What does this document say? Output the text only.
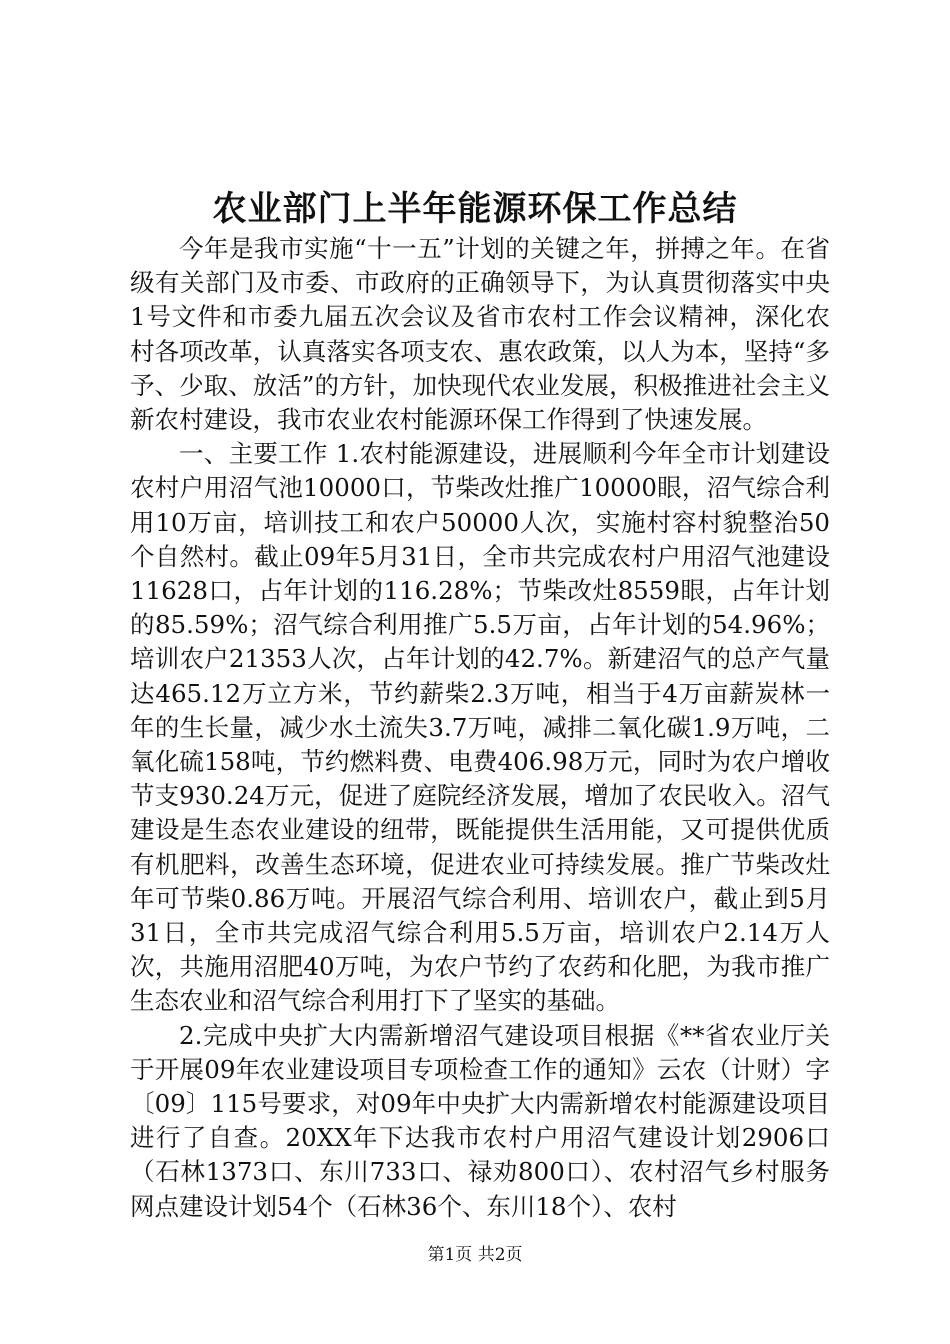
农业部门上半年能源环保工作总结

今年是我市实施“十一五”计划的关键之年，拼搏之年。在省级有关部门及市委、市政府的正确领导下，为认真贯彻落实中央1号文件和市委九届五次会议及省市农村工作会议精神，深化农村各项改革，认真落实各项支农、惠农政策，以人为本，坚持“多予、少取、放活”的方针，加快现代农业发展，积极推进社会主义新农村建设，我市农业农村能源环保工作得到了快速发展。

一、主要工作 1.农村能源建设，进展顺利今年全市计划建设农村户用沼气池10000口，节柴改灶推广10000眼，沼气综合利用10万亩，培训技工和农户50000人次，实施村容村貌整治50个自然村。截止09年5月31日，全市共完成农村户用沼气池建设11628口，占年计划的116.28%；节柴改灶8559眼，占年计划的85.59%；沼气综合利用推广5.5万亩，占年计划的54.96%；培训农户21353人次，占年计划的42.7%。新建沼气的总产气量达465.12万立方米，节约薪柴2.3万吨，相当于4万亩薪炭林一年的生长量，减少水土流失3.7万吨，减排二氧化碳1.9万吨，二氧化硫158吨，节约燃料费、电费406.98万元，同时为农户增收节支930.24万元，促进了庭院经济发展，增加了农民收入。沼气建设是生态农业建设的纽带，既能提供生活用能，又可提供优质有机肥料，改善生态环境，促进农业可持续发展。推广节柴改灶年可节柴0.86万吨。开展沼气综合利用、培训农户，截止到5月31日，全市共完成沼气综合利用5.5万亩，培训农户2.14万人次，共施用沼肥40万吨，为农户节约了农药和化肥，为我市推广生态农业和沼气综合利用打下了坚实的基础。

2.完成中央扩大内需新增沼气建设项目根据《**省农业厅关于开展09年农业建设项目专项检查工作的通知》云农（计财）字〔09〕115号要求，对09年中央扩大内需新增农村能源建设项目进行了自查。20XX年下达我市农村户用沼气建设计划2906口（石林1373口、东川733口、禄劝800口）、农村沼气乡村服务网点建设计划54个（石林36个、东川18个）、农村

第1页 共2页
